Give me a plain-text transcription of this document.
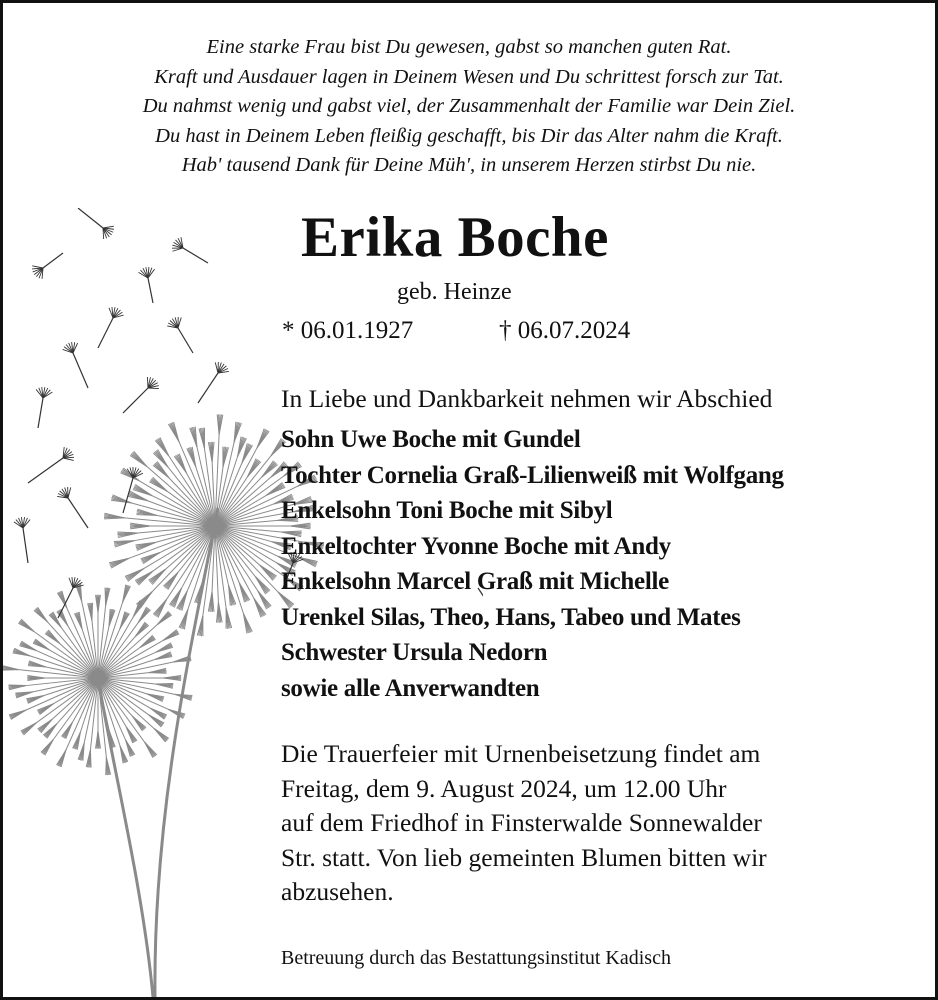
Eine starke Frau bist Du gewesen, gabst so manchen guten Rat.
Kraft und Ausdauer lagen in Deinem Wesen und Du schrittest forsch zur Tat.
Du nahmst wenig und gabst viel, der Zusammenhalt der Familie war Dein Ziel.
Du hast in Deinem Leben fleißig geschafft, bis Dir das Alter nahm die Kraft.
Hab' tausend Dank für Deine Müh', in unserem Herzen stirbst Du nie.
Erika Boche
geb. Heinze
* 06.01.1927	† 06.07.2024
In Liebe und Dankbarkeit nehmen wir Abschied
Sohn Uwe Boche mit Gundel
Tochter Cornelia Graß-Lilienweiß mit Wolfgang
Enkelsohn Toni Boche mit Sibyl
Enkeltochter Yvonne Boche mit Andy
Enkelsohn Marcel Graß mit Michelle
Urenkel Silas, Theo, Hans, Tabeo und Mates
Schwester Ursula Nedorn
sowie alle Anverwandten
Die Trauerfeier mit Urnenbeisetzung findet am
Freitag, dem 9. August 2024, um 12.00 Uhr
auf dem Friedhof in Finsterwalde Sonnewalder
Str. statt. Von lieb gemeinten Blumen bitten wir
abzusehen.
Betreuung durch das Bestattungsinstitut Kadisch
